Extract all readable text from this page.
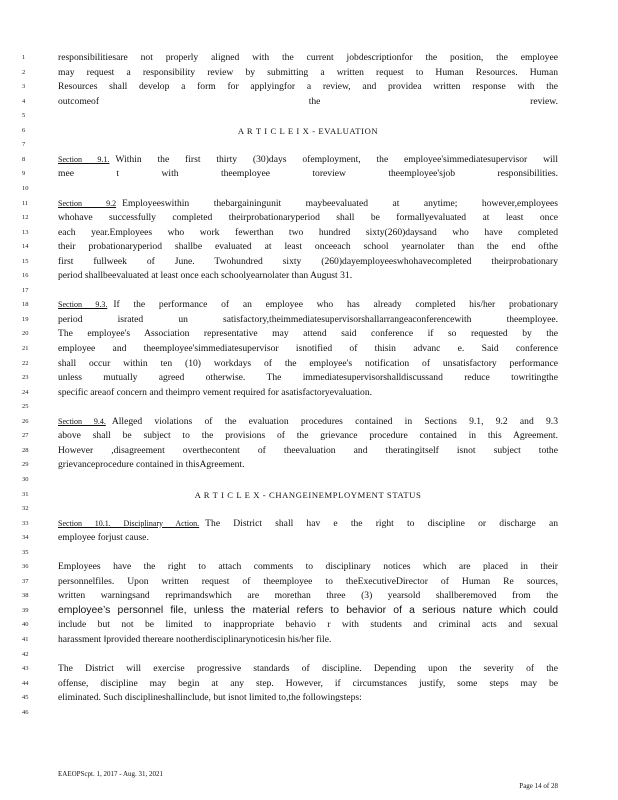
1	responsibilitiesare not properly aligned with the current jobdescriptionfor the position, the employee
2	may request a responsibility review by submitting a written request to Human Resources. Human
3	Resources shall develop a form for applyingfor a review, and providea written response with the
4	outcomeof the review.
5
6	A R T I C L E I X - EVALUATION
7
8	Section 9.1. Within the first thirty (30)days ofemployment, the employee'simmediatesupervisor will
9	mee t with theemployee toreview theemployee'sjob responsibilities.
10
11	Section 9.2 Employeeswithin thebargainingunit maybeevaluated at anytime; however,employees
12	whohave successfully completed theirprobationaryperiod shall be formallyevaluated at least once
13	each year.Employees who work fewerthan two hundred sixty(260)daysand who have completed
14	their probationaryperiod shallbe evaluated at least onceeach school yearnolater than the end ofthe
15	first fullweek of June. Twohundred sixty (260)dayemployeeswhohavecompleted theirprobationary
16	period shallbeevaluated at least once each schoolyearnolater than August 31.
17
18	Section 9.3. If the performance of an employee who has already completed his/her probationary
19	period israted un satisfactory,theimmediatesupervisorshallarrangeaconferencewith theemployee.
20	The employee's Association representative may attend said conference if so requested by the
21	employee and theemployee'simmediatesupervisor isnotified of thisin advanc e. Said conference
22	shall occur within ten (10) workdays of the employee's notification of unsatisfactory performance
23	unless mutually agreed otherwise. The immediatesupervisorshalldiscussand reduce towritingthe
24	specific areaof concern and theimpro vement required for asatisfactoryevaluation.
25
26	Section 9.4. Alleged violations of the evaluation procedures contained in Sections 9.1, 9.2 and 9.3
27	above shall be subject to the provisions of the grievance procedure contained in this Agreement.
28	However ,disagreement overthecontent of theevaluation and theratingitself isnot subject tothe
29	grievanceprocedure contained in thisAgreement.
30
31	A R T I C L E X - CHANGEINEMPLOYMENT STATUS
32
33	Section 10.1. Disciplinary Action. The District shall hav e the right to discipline or discharge an
34	employee forjust cause.
35
36	Employees have the right to attach comments to disciplinary notices which are placed in their
37	personnelfiles. Upon written request of theemployee to theExecutiveDirector of Human Re sources,
38	written warningsand reprimandswhich are morethan three (3) yearsold shallberemoved from the
39	employee’s personnel file, unless the material refers to behavior of a serious nature which could
40	include but not be limited to inappropriate behavio r with students and criminal acts and sexual
41	harassment ‖provided thereare nootherdisciplinarynoticesin his/her file.
42
43	The District will exercise progressive standards of discipline. Depending upon the severity of the
44	offense, discipline may begin at any step. However, if circumstances justify, some steps may be
45	eliminated. Such disciplineshallinclude, but isnot limited to,the followingsteps:
46
EAEOPScpt. 1, 2017 - Aug. 31, 2021
Page 14 of 28
